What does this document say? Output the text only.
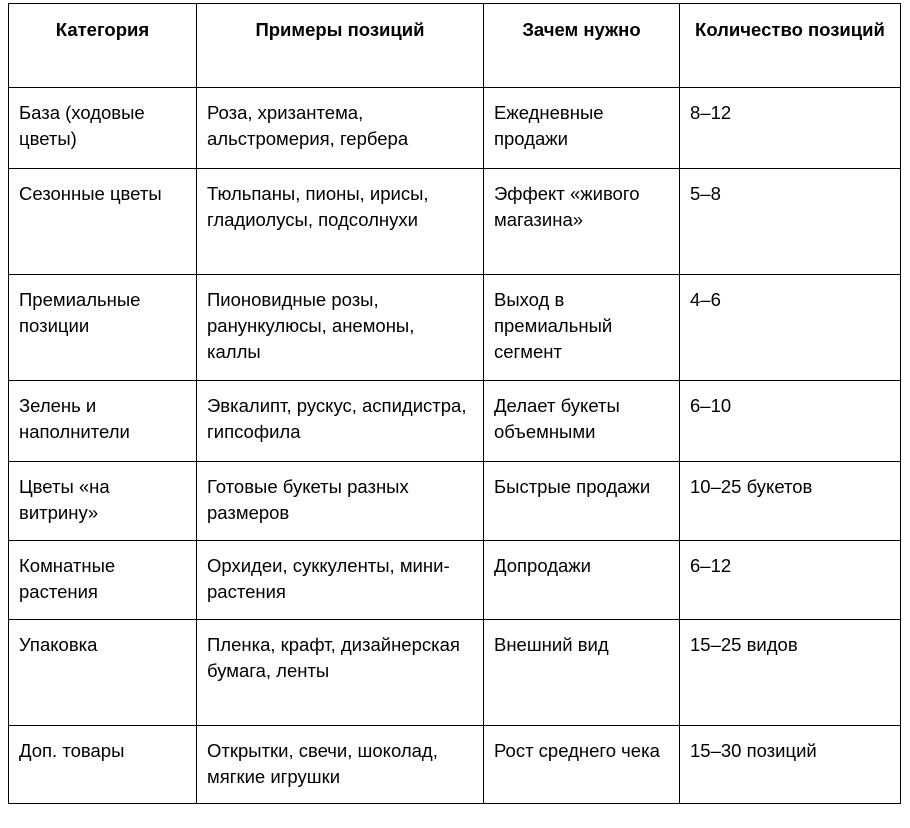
Категория	Примеры позиций	Зачем нужно	Количество позиций
База (ходовые цветы)	Роза, хризантема, альстромерия, гербера	Ежедневные продажи	8–12
Сезонные цветы	Тюльпаны, пионы, ирисы, гладиолусы, подсолнухи	Эффект «живого магазина»	5–8
Премиальные позиции	Пионовидные розы, ранункулюсы, анемоны, каллы	Выход в премиальный сегмент	4–6
Зелень и наполнители	Эвкалипт, рускус, аспидистра, гипсофила	Делает букеты объемными	6–10
Цветы «на витрину»	Готовые букеты разных размеров	Быстрые продажи	10–25 букетов
Комнатные растения	Орхидеи, суккуленты, мини-растения	Допродажи	6–12
Упаковка	Пленка, крафт, дизайнерская бумага, ленты	Внешний вид	15–25 видов
Доп. товары	Открытки, свечи, шоколад, мягкие игрушки	Рост среднего чека	15–30 позиций
